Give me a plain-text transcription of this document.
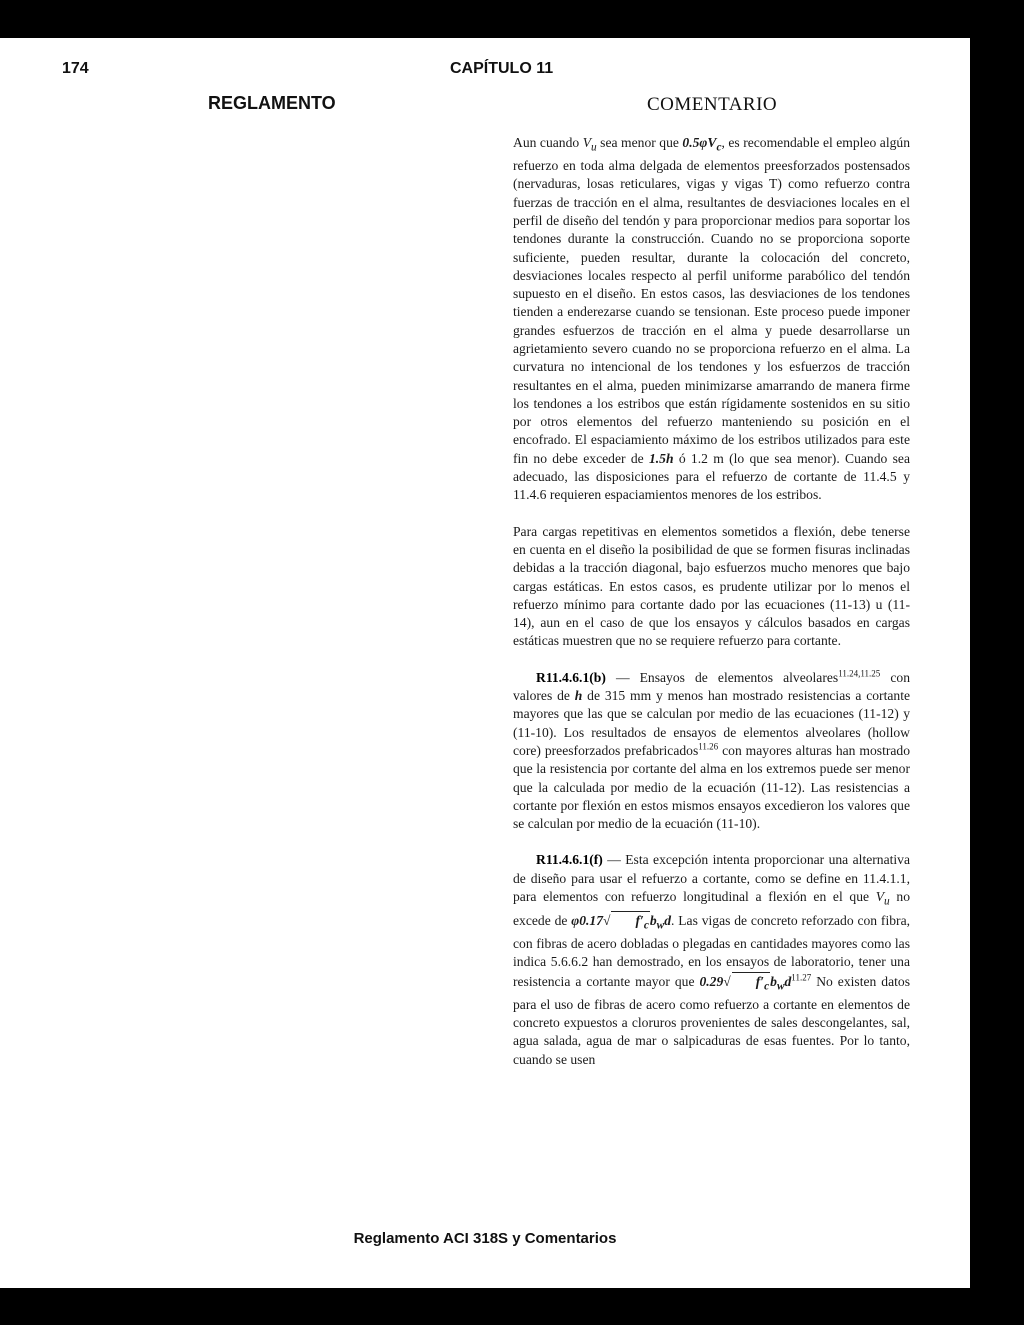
174	CAPÍTULO 11
REGLAMENTO	COMENTARIO

Aun cuando $V_u$ sea menor que $0.5\varphi V_c$, es recomendable el empleo algún refuerzo en toda alma delgada de elementos preesforzados postensados (nervaduras, losas reticulares, vigas y vigas T) como refuerzo contra fuerzas de tracción en el alma, resultantes de desviaciones locales en el perfil de diseño del tendón y para proporcionar medios para soportar los tendones durante la construcción. Cuando no se proporciona soporte suficiente, pueden resultar, durante la colocación del concreto, desviaciones locales respecto al perfil uniforme parabólico del tendón supuesto en el diseño. En estos casos, las desviaciones de los tendones tienden a enderezarse cuando se tensionan. Este proceso puede imponer grandes esfuerzos de tracción en el alma y puede desarrollarse un agrietamiento severo cuando no se proporciona refuerzo en el alma. La curvatura no intencional de los tendones y los esfuerzos de tracción resultantes en el alma, pueden minimizarse amarrando de manera firme los tendones a los estribos que están rígidamente sostenidos en su sitio por otros elementos del refuerzo manteniendo su posición en el encofrado. El espaciamiento máximo de los estribos utilizados para este fin no debe exceder de 1.5h ó 1.2 m (lo que sea menor). Cuando sea adecuado, las disposiciones para el refuerzo de cortante de 11.4.5 y 11.4.6 requieren espaciamientos menores de los estribos.

Para cargas repetitivas en elementos sometidos a flexión, debe tenerse en cuenta en el diseño la posibilidad de que se formen fisuras inclinadas debidas a la tracción diagonal, bajo esfuerzos mucho menores que bajo cargas estáticas. En estos casos, es prudente utilizar por lo menos el refuerzo mínimo para cortante dado por las ecuaciones (11-13) u (11-14), aun en el caso de que los ensayos y cálculos basados en cargas estáticas muestren que no se requiere refuerzo para cortante.

R11.4.6.1(b) — Ensayos de elementos alveolares$^{11.24,11.25}$ con valores de h de 315 mm y menos han mostrado resistencias a cortante mayores que las que se calculan por medio de las ecuaciones (11-12) y (11-10). Los resultados de ensayos de elementos alveolares (hollow core) preesforzados prefabricados$^{11.26}$ con mayores alturas han mostrado que la resistencia por cortante del alma en los extremos puede ser menor que la calculada por medio de la ecuación (11-12). Las resistencias a cortante por flexión en estos mismos ensayos excedieron los valores que se calculan por medio de la ecuación (11-10).

R11.4.6.1(f) — Esta excepción intenta proporcionar una alternativa de diseño para usar el refuerzo a cortante, como se define en 11.4.1.1, para elementos con refuerzo longitudinal a flexión en el que $V_u$ no excede de φ0.17√ $f'_cb_wd$. Las vigas de concreto reforzado con fibra, con fibras de acero dobladas o plegadas en cantidades mayores como las indica 5.6.6.2 han demostrado, en los ensayos de laboratorio, tener una resistencia a cortante mayor que 0.29√ $f'_cb_wd^{11.27}$ No existen datos para el uso de fibras de acero como refuerzo a cortante en elementos de concreto expuestos a cloruros provenientes de sales descongelantes, sal, agua salada, agua de mar o salpicaduras de esas fuentes. Por lo tanto, cuando se usen

Reglamento ACI 318S y Comentarios
